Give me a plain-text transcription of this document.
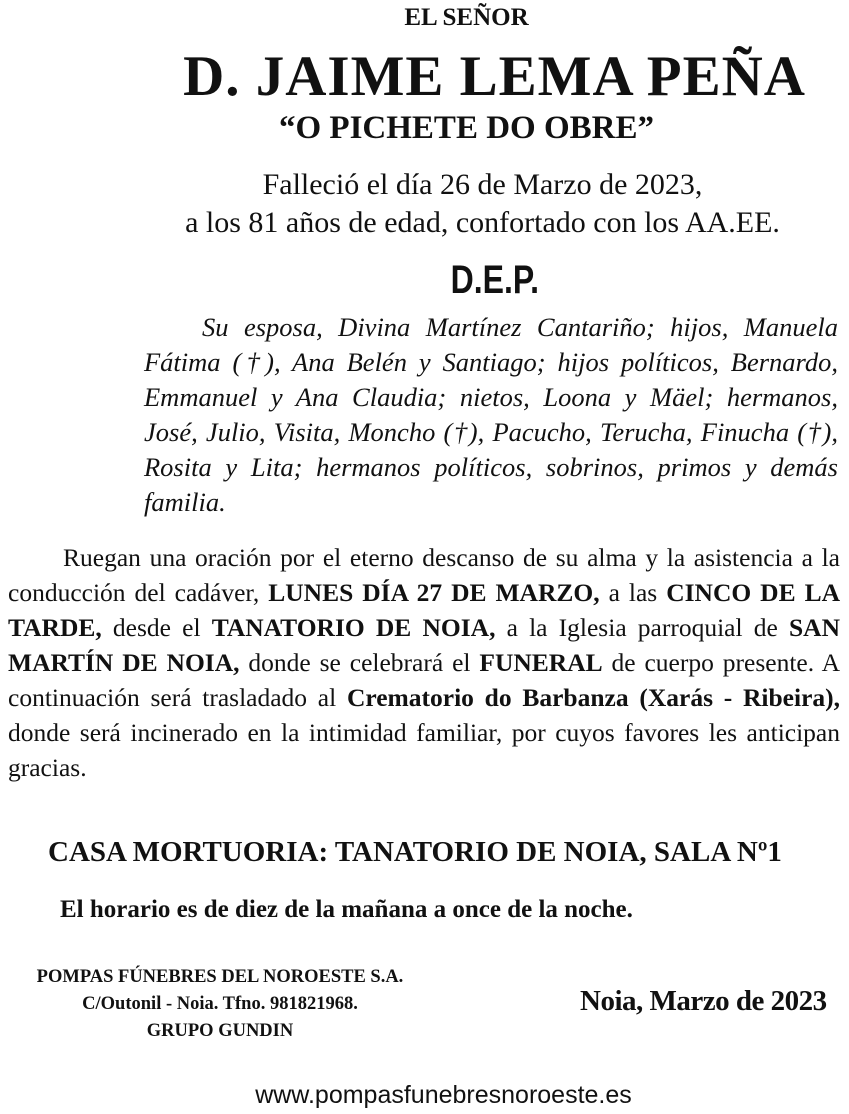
EL SEÑOR
D. JAIME LEMA PEÑA
“O PICHETE DO OBRE”
Falleció el día 26 de Marzo de 2023,
a los 81 años de edad, confortado con los AA.EE.
D.E.P.
Su esposa, Divina Martínez Cantariño; hijos, Manuela Fátima (†), Ana Belén y Santiago; hijos políticos, Bernardo, Emmanuel y Ana Claudia; nietos, Loona y Mäel; hermanos, José, Julio, Visita, Moncho (†), Pacucho, Terucha, Finucha (†), Rosita y Lita; hermanos políticos, sobrinos, primos y demás familia.
Ruegan una oración por el eterno descanso de su alma y la asistencia a la conducción del cadáver, LUNES DÍA 27 DE MARZO, a las CINCO DE LA TARDE, desde el TANATORIO DE NOIA, a la Iglesia parroquial de SAN MARTÍN DE NOIA, donde se celebrará el FUNERAL de cuerpo presente. A continuación será trasladado al Crematorio do Barbanza (Xarás - Ribeira), donde será incinerado en la intimidad familiar, por cuyos favores les anticipan gracias.
CASA MORTUORIA: TANATORIO DE NOIA, SALA Nº1
El horario es de diez de la mañana a once de la noche.
POMPAS FÚNEBRES DEL NOROESTE S.A.
C/Outonil - Noia. Tfno. 981821968.
GRUPO GUNDIN
Noia, Marzo de 2023
www.pompasfunebresnoroeste.es
